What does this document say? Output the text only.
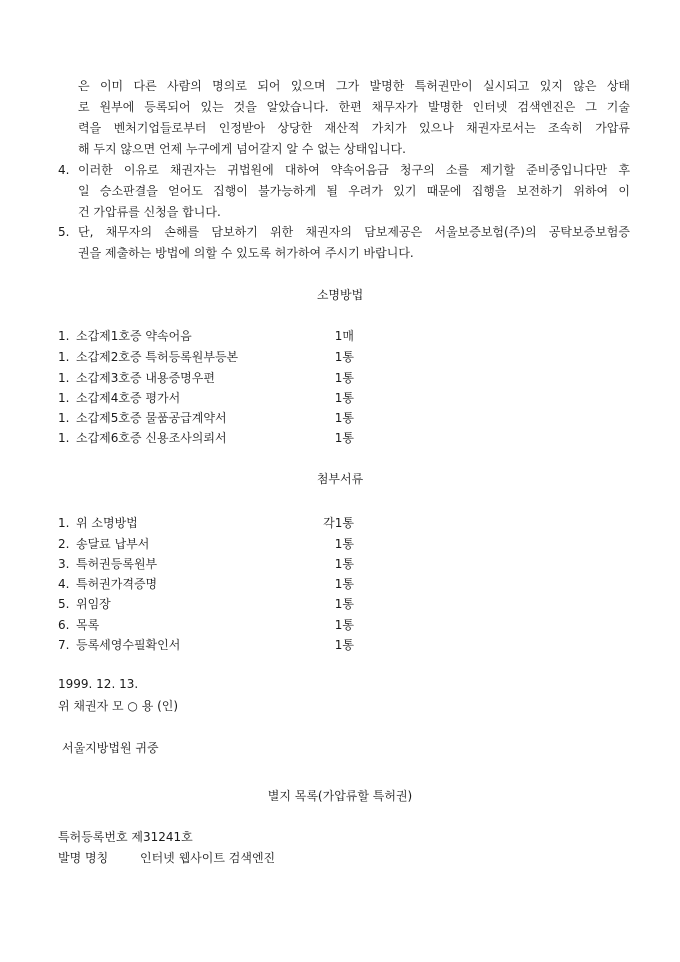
은 이미 다른 사람의 명의로 되어 있으며 그가 발명한 특허권만이 실시되고 있지 않은 상태

로 원부에 등록되어 있는 것을 알았습니다. 한편 채무자가 발명한 인터넷 검색엔진은 그 기술

력을 벤처기업들로부터 인정받아 상당한 재산적 가치가 있으나 채권자로서는 조속히 가압류

해 두지 않으면 언제 누구에게 넘어갈지 알 수 없는 상태입니다.

4. 이러한 이유로 채권자는 귀법원에 대하여 약속어음금 청구의 소를 제기할 준비중입니다만 후

일 승소판결을 얻어도 집행이 불가능하게 될 우려가 있기 때문에 집행을 보전하기 위하여 이

건 가압류를 신청을 합니다.

5. 단, 채무자의 손해를 담보하기 위한 채권자의 담보제공은 서울보증보험(주)의 공탁보증보험증

권을 제출하는 방법에 의할 수 있도록 허가하여 주시기 바랍니다.

소명방법

1. 소갑제1호증 약속어음	1매
1. 소갑제2호증 특허등록원부등본	1통
1. 소갑제3호증 내용증명우편	1통
1. 소갑제4호증 평가서	1통
1. 소갑제5호증 물품공급계약서	1통
1. 소갑제6호증 신용조사의뢰서	1통

첨부서류

1. 위 소명방법	각1통
2. 송달료 납부서	1통
3. 특허권등록원부	1통
4. 특허권가격증명	1통
5. 위임장	1통
6. 목록	1통
7. 등록세영수필확인서	1통

1999. 12. 13.

위 채권자 모 ○ 용 (인)

서울지방법원 귀중

별지 목록(가압류할 특허권)

특허등록번호 제31241호

발명 명칭	인터넷 웹사이트 검색엔진
